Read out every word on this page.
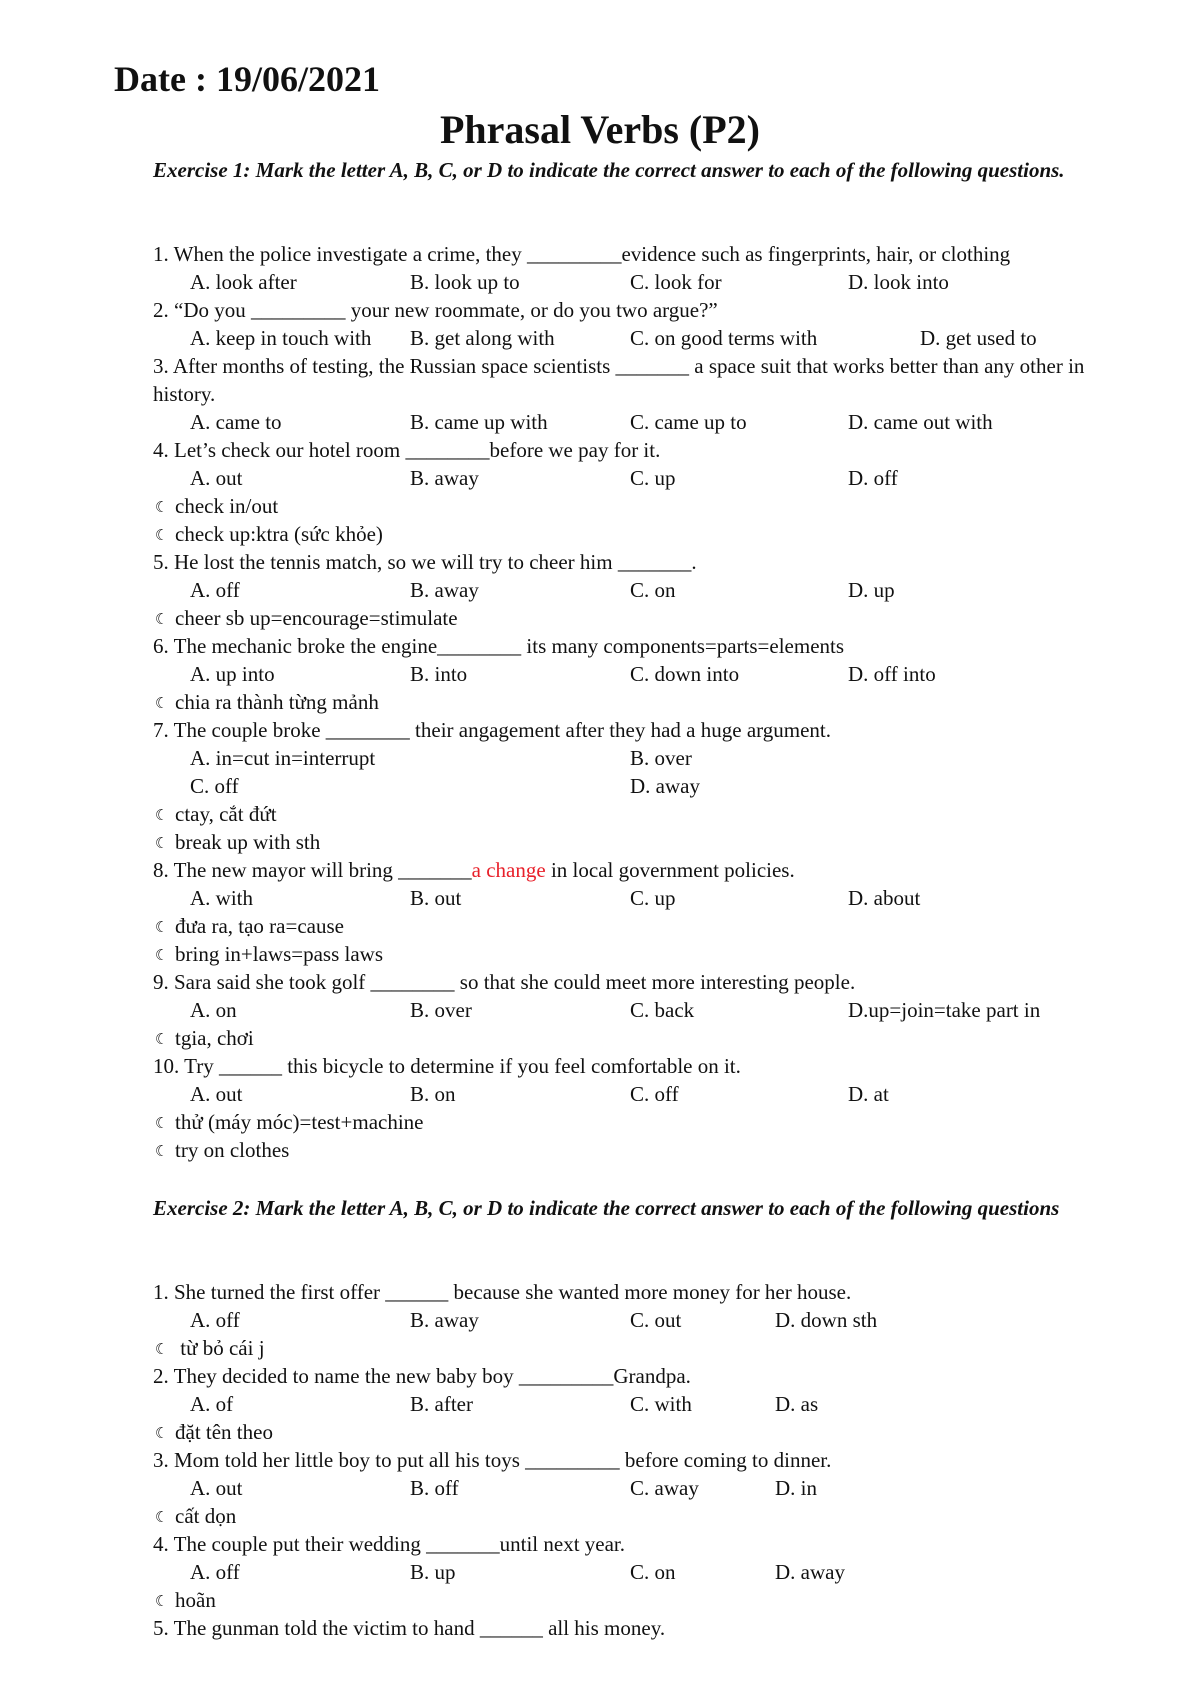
Date : 19/06/2021
Phrasal Verbs (P2)
Exercise 1: Mark the letter A, B, C, or D to indicate the correct answer to each of the following questions.
1. When the police investigate a crime, they _________evidence such as fingerprints, hair, or clothing
A. look after	B. look up to	C. look for	D. look into
2. “Do you _________ your new roommate, or do you two argue?”
A. keep in touch with B. get along with	C. on good terms with	D. get used to
3. After months of testing, the Russian space scientists _______ a space suit that works better than any other in history.
A. came to	B. came up with	C. came up to	D. came out with
4. Let’s check our hotel room ________before we pay for it.
A. out	B. away	C. up	D. off
☾ check in/out
☾ check up:ktra (sức khỏe)
5. He lost the tennis match, so we will try to cheer him _______.
A. off	B. away	C. on	D. up
☾ cheer sb up=encourage=stimulate
6. The mechanic broke the engine________ its many components=parts=elements
A. up into	B. into	C. down into	D. off into
☾ chia ra thành từng mảnh
7. The couple broke ________ their angagement after they had a huge argument.
A. in=cut in=interrupt	B. over
C. off	D. away
☾ ctay, cắt đứt
☾ break up with sth
8. The new mayor will bring _______a change in local government policies.
A. with	B. out	C. up	D. about
☾ đưa ra, tạo ra=cause
☾ bring in+laws=pass laws
9. Sara said she took golf ________ so that she could meet more interesting people.
A. on	B. over	C. back	D.up=join=take part in
☾ tgia, chơi
10. Try ______ this bicycle to determine if you feel comfortable on it.
A. out	B. on	C. off	D. at
☾ thử (máy móc)=test+machine
☾ try on clothes
Exercise 2: Mark the letter A, B, C, or D to indicate the correct answer to each of the following questions
1. She turned the first offer ______ because she wanted more money for her house.
A. off	B. away	C. out	D. down sth
☾ từ bỏ cái j
2. They decided to name the new baby boy _________Grandpa.
A. of	B. after	C. with	D. as
☾ đặt tên theo
3. Mom told her little boy to put all his toys _________ before coming to dinner.
A. out	B. off	C. away	D. in
☾ cất dọn
4. The couple put their wedding _______until next year.
A. off	B. up	C. on	D. away
☾ hoãn
5. The gunman told the victim to hand ______ all his money.
